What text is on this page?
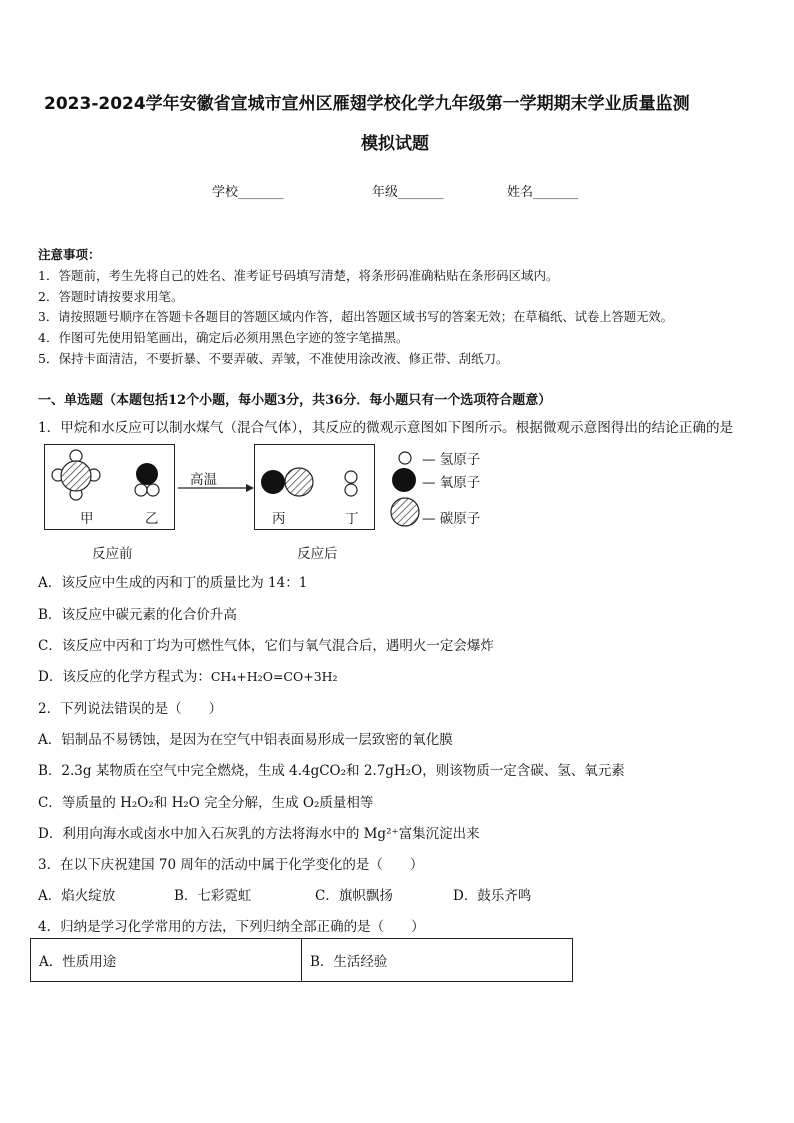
2023-2024学年安徽省宣城市宣州区雁翅学校化学九年级第一学期期末学业质量监测
模拟试题
学校_______	年级_______	姓名_______
注意事项：
1．答题前，考生先将自己的姓名、准考证号码填写清楚，将条形码准确粘贴在条形码区域内。
2．答题时请按要求用笔。
3．请按照题号顺序在答题卡各题目的答题区域内作答，超出答题区域书写的答案无效；在草稿纸、试卷上答题无效。
4．作图可先使用铅笔画出，确定后必须用黑色字迹的签字笔描黑。
5．保持卡面清洁，不要折暴、不要弄破、弄皱，不准使用涂改液、修正带、刮纸刀。
一、单选题（本题包括12个小题，每小题3分，共36分．每小题只有一个选项符合题意）
1．甲烷和水反应可以制水煤气（混合气体），其反应的微观示意图如下图所示。根据微观示意图得出的结论正确的是
甲	乙
高温
丙	丁
反应前	反应后
— 氢原子
— 氧原子
— 碳原子
A．该反应中生成的丙和丁的质量比为 14：1
B．该反应中碳元素的化合价升高
C．该反应中丙和丁均为可燃性气体，它们与氧气混合后，遇明火一定会爆炸
D．该反应的化学方程式为：CH₄+H₂O=CO+3H₂
2．下列说法错误的是（　　）
A．铝制品不易锈蚀，是因为在空气中铝表面易形成一层致密的氧化膜
B．2.3g 某物质在空气中完全燃烧，生成 4.4gCO₂和 2.7gH₂O，则该物质一定含碳、氢、氧元素
C．等质量的 H₂O₂和 H₂O 完全分解，生成 O₂质量相等
D．利用向海水或卤水中加入石灰乳的方法将海水中的 Mg²⁺富集沉淀出来
3．在以下庆祝建国 70 周年的活动中属于化学变化的是（　　）
A．焰火绽放	B．七彩霓虹	C．旗帜飘扬	D．鼓乐齐鸣
4．归纳是学习化学常用的方法，下列归纳全部正确的是（　　）
A．性质用途	B．生活经验
